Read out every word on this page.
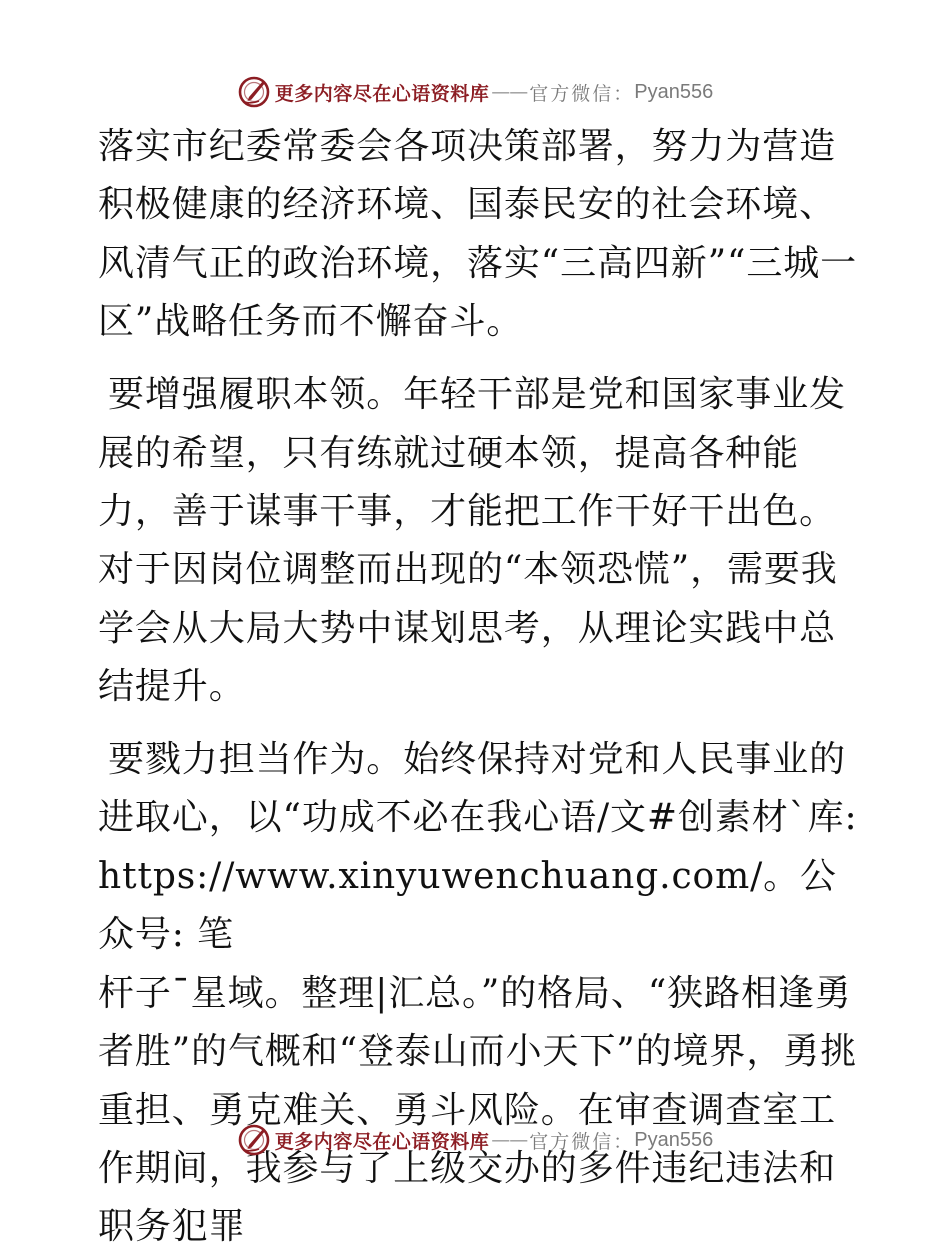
更多内容尽在心语资料库 —— 官方微信： Pyan556

落实市纪委常委会各项决策部署，努力为营造积极健康的经济环境、国泰民安的社会环境、风清气正的政治环境，落实“三高四新”“三城一区”战略任务而不懈奋斗。

要增强履职本领。年轻干部是党和国家事业发展的希望，只有练就过硬本领，提高各种能力，善于谋事干事，才能把工作干好干出色。对于因岗位调整而出现的“本领恐慌”，需要我学会从大局大势中谋划思考，从理论实践中总结提升。

要戮力担当作为。始终保持对党和人民事业的进取心，以“功成不必在我心语/文#创素材`库:

https://www.xinyuwenchuang.com/。公众号: 笔

杆子¯星域。整理|汇总。”的格局、“狭路相逢勇者胜”的气概和“登泰山而小天下”的境界，勇挑重担、勇克难关、勇斗风险。在审查调查室工作期间，我参与了上级交办的多件违纪违法和职务犯罪

更多内容尽在心语资料库 —— 官方微信： Pyan556
